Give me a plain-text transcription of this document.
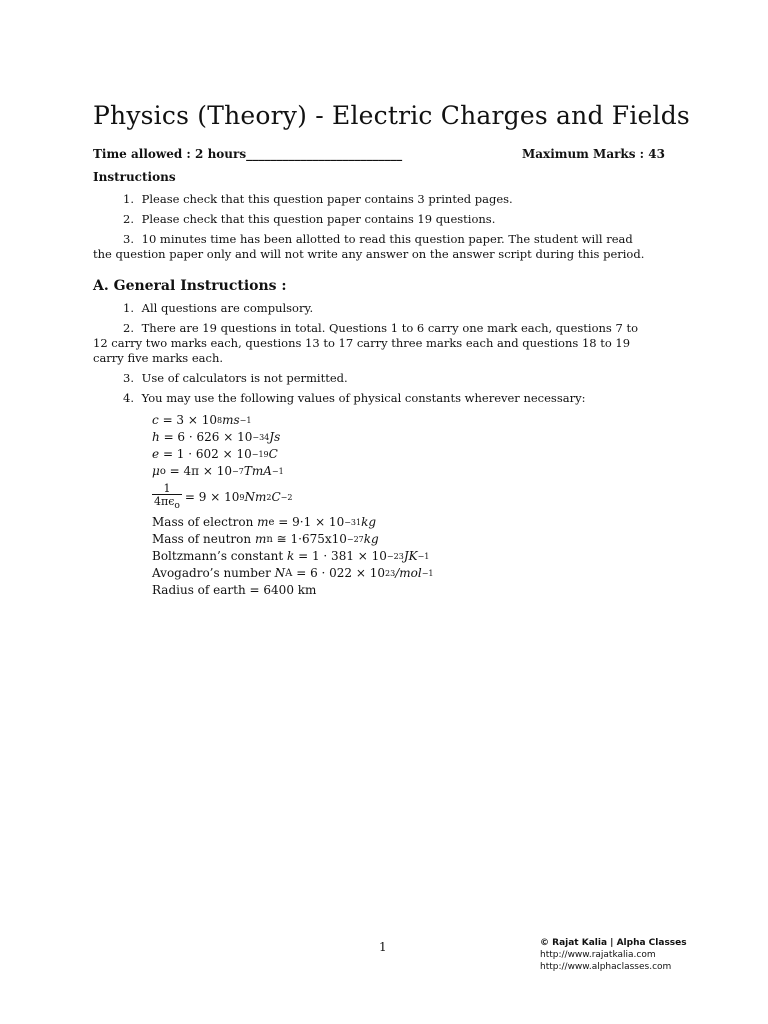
Physics (Theory) - Electric Charges and Fields
Time allowed : 2 hours__________________________	Maximum Marks : 43
Instructions
1. Please check that this question paper contains 3 printed pages.
2. Please check that this question paper contains 19 questions.
3. 10 minutes time has been allotted to read this question paper. The student will read the question paper only and will not write any answer on the answer script during this period.
A. General Instructions :
1. All questions are compulsory.
2. There are 19 questions in total. Questions 1 to 6 carry one mark each, questions 7 to 12 carry two marks each, questions 13 to 17 carry three marks each and questions 18 to 19 carry five marks each.
3. Use of calculators is not permitted.
4. You may use the following values of physical constants wherever necessary:
c
= 3 × 10 8 ms −1
h
= 6 · 626 × 10 −34 Js
e
= 1 · 602 × 10 −19 C
μ o
= 4π × 10 −7 TmA −1
$\frac{1}{4\pi\epsilon_o} = 9 \times 10$ 9 Nm 2 C −2
Mass of electron
m e
= 9·1 × 10 −31 kg
Mass of neutron
m n
≅ 1·675x10 −27 kg
Boltzmann’s constant
k
= 1 · 381 × 10 −23 JK −1
Avogadro’s number
N A
= 6 · 022 × 10 23 /mol −1
Radius of earth
= 6400 km
1	© Rajat Kalia | Alpha Classes
http://www.rajatkalia.com
http://www.alphaclasses.com
